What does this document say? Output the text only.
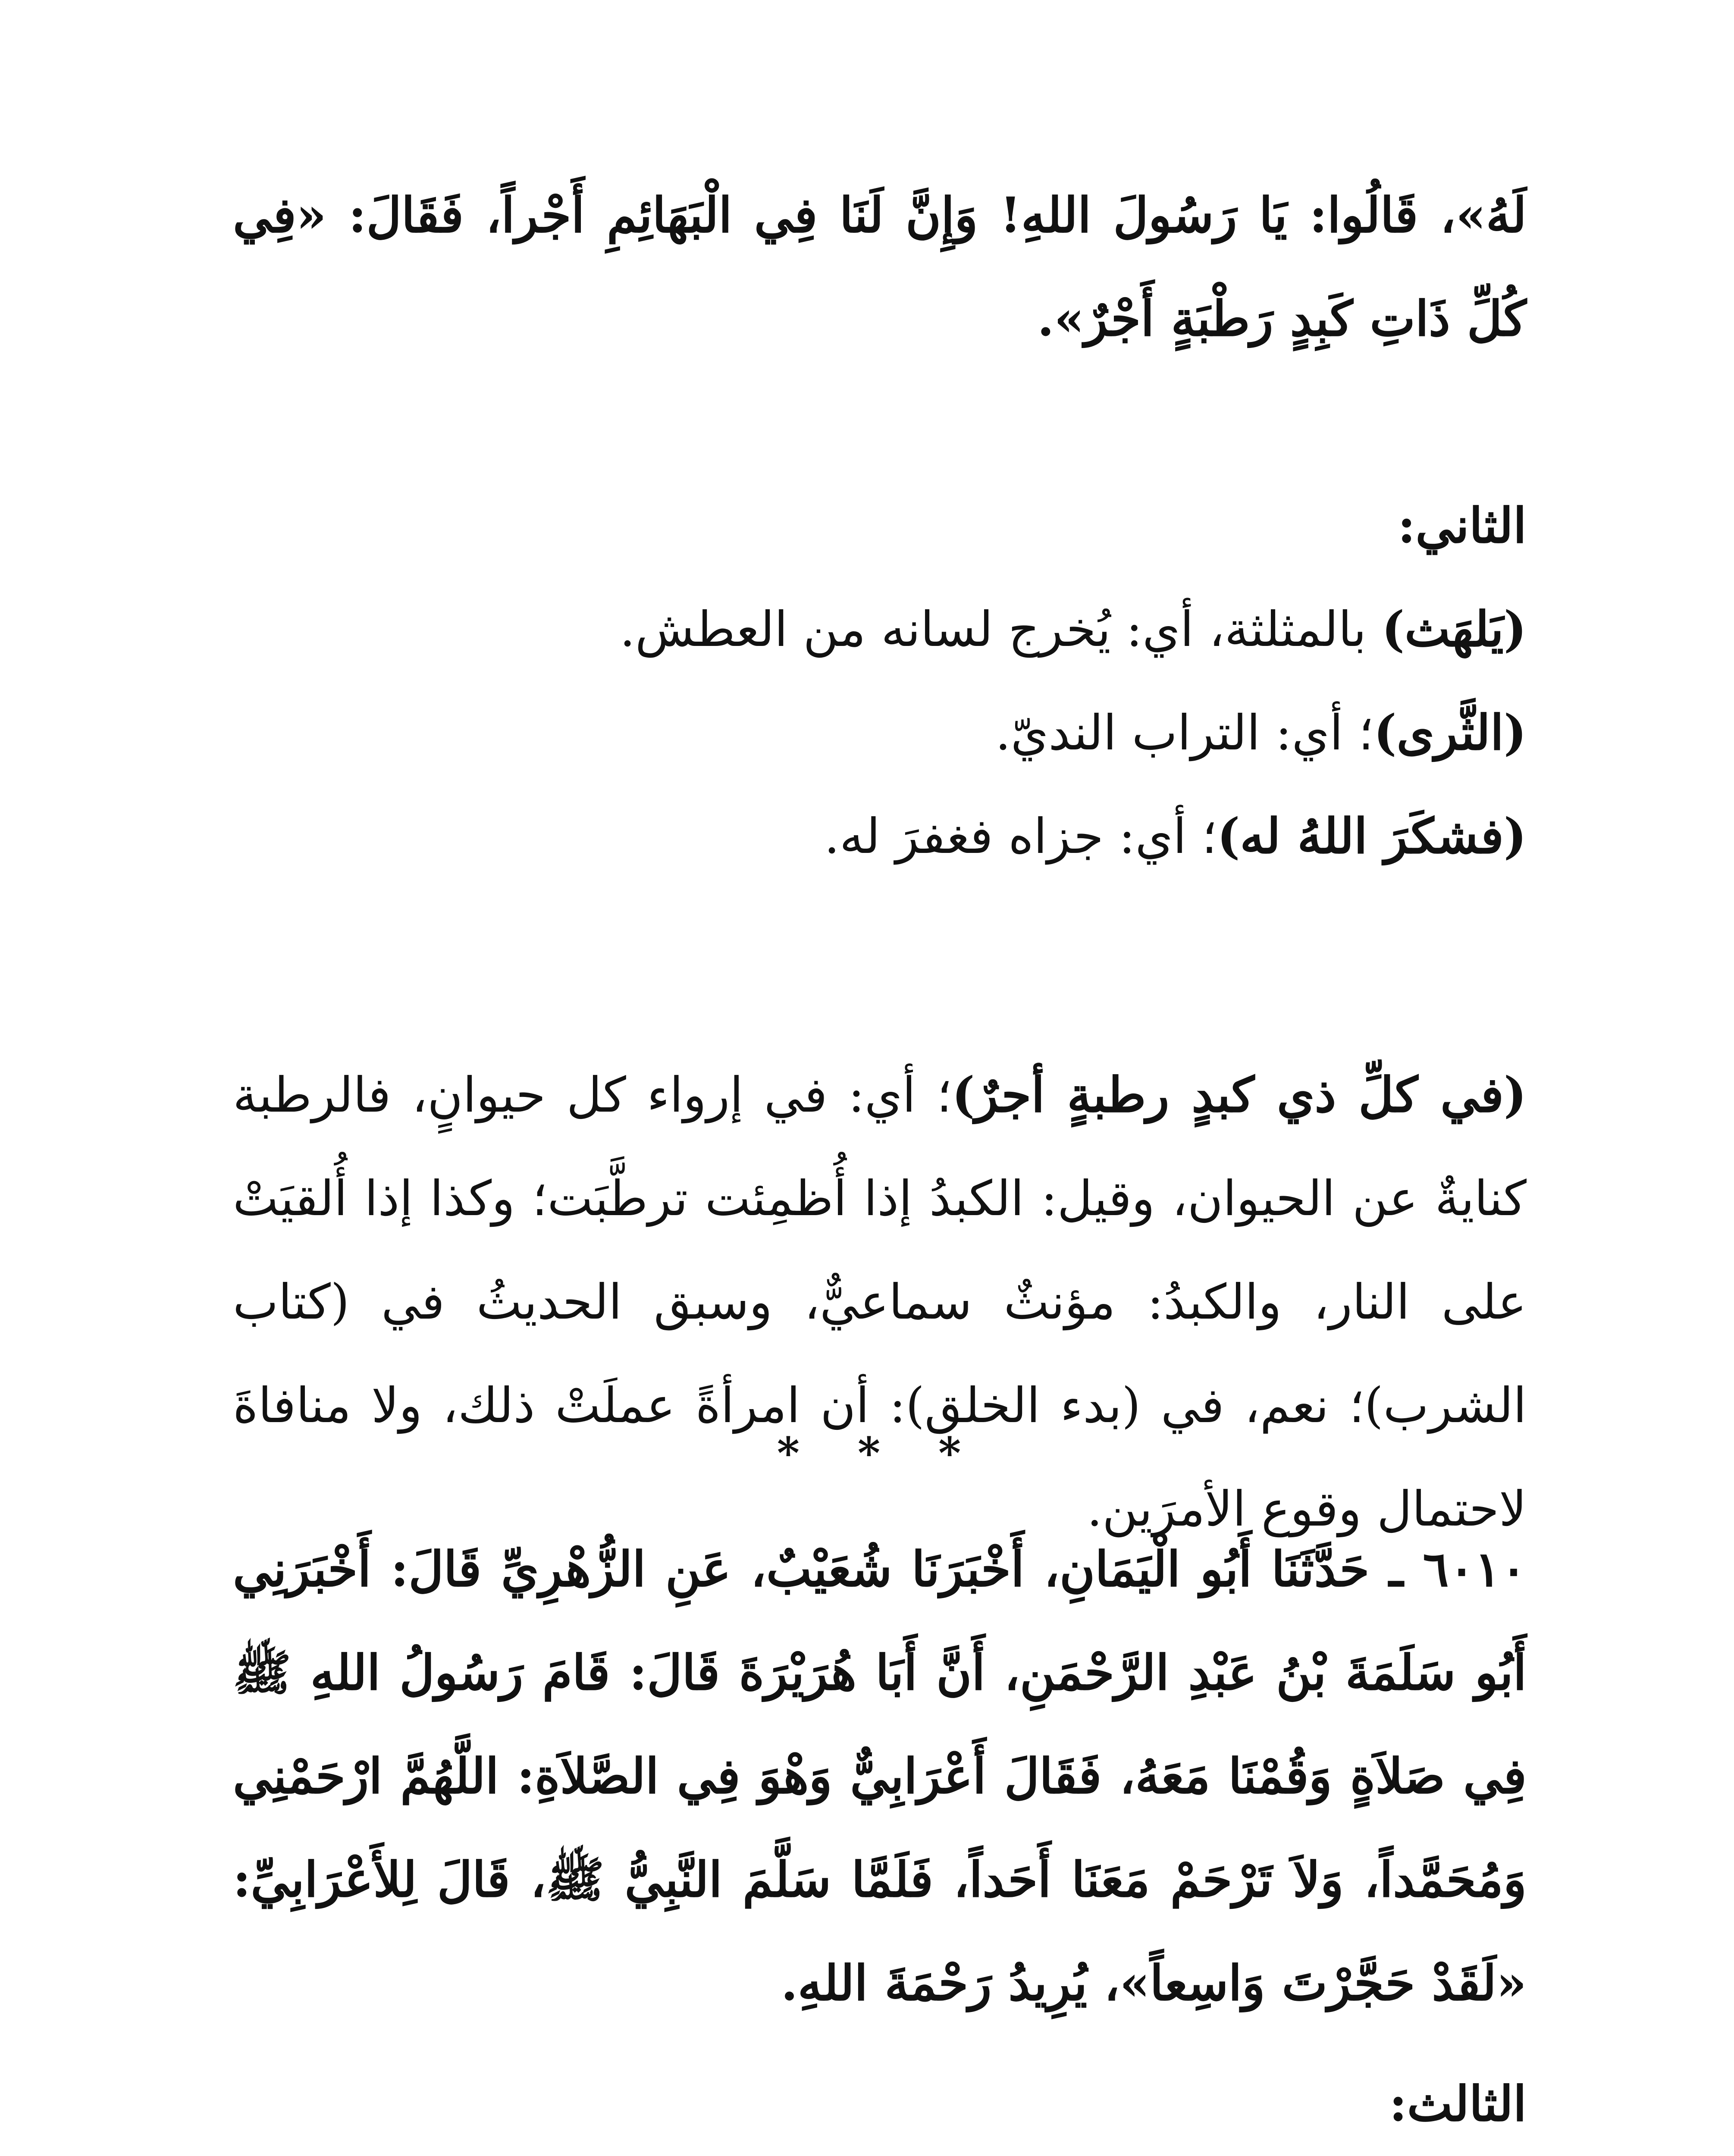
لَهُ»، قَالُوا: يَا رَسُولَ اللهِ! وَإِنَّ لَنَا فِي الْبَهَائِمِ أَجْراً، فَقَالَ: «فِي كُلِّ ذَاتِ كَبِدٍ رَطْبَةٍ أَجْرٌ».

الثاني:

(يَلهَث) بالمثلثة، أي: يُخرج لسانه من العطش.

(الثَّرى)؛ أي: التراب النديّ.

(فشكَرَ اللهُ له)؛ أي: جزاه فغفرَ له.

(في كلِّ ذي كبدٍ رطبةٍ أجرٌ)؛ أي: في إرواء كل حيوانٍ، فالرطبة كنايةٌ عن الحيوان، وقيل: الكبدُ إذا أُظمِئت ترطَّبَت؛ وكذا إذا أُلقيَتْ على النار، والكبدُ: مؤنثٌ سماعيٌّ، وسبق الحديثُ في (كتاب الشرب)؛ نعم، في (بدء الخلق): أن امرأةً عملَتْ ذلك، ولا منافاةَ لاحتمال وقوع الأمرَين.

* * *

٦٠١٠ ـ حَدَّثَنَا أَبُو الْيَمَانِ، أَخْبَرَنَا شُعَيْبٌ، عَنِ الزُّهْرِيِّ قَالَ: أَخْبَرَنِي أَبُو سَلَمَةَ بْنُ عَبْدِ الرَّحْمَنِ، أَنَّ أَبَا هُرَيْرَةَ قَالَ: قَامَ رَسُولُ اللهِ ﷺ فِي صَلاَةٍ وَقُمْنَا مَعَهُ، فَقَالَ أَعْرَابِيٌّ وَهْوَ فِي الصَّلاَةِ: اللَّهُمَّ ارْحَمْنِي وَمُحَمَّداً، وَلاَ تَرْحَمْ مَعَنَا أَحَداً، فَلَمَّا سَلَّمَ النَّبِيُّ ﷺ، قَالَ لِلأَعْرَابِيِّ: «لَقَدْ حَجَّرْتَ وَاسِعاً»، يُرِيدُ رَحْمَةَ اللهِ.

الثالث:
